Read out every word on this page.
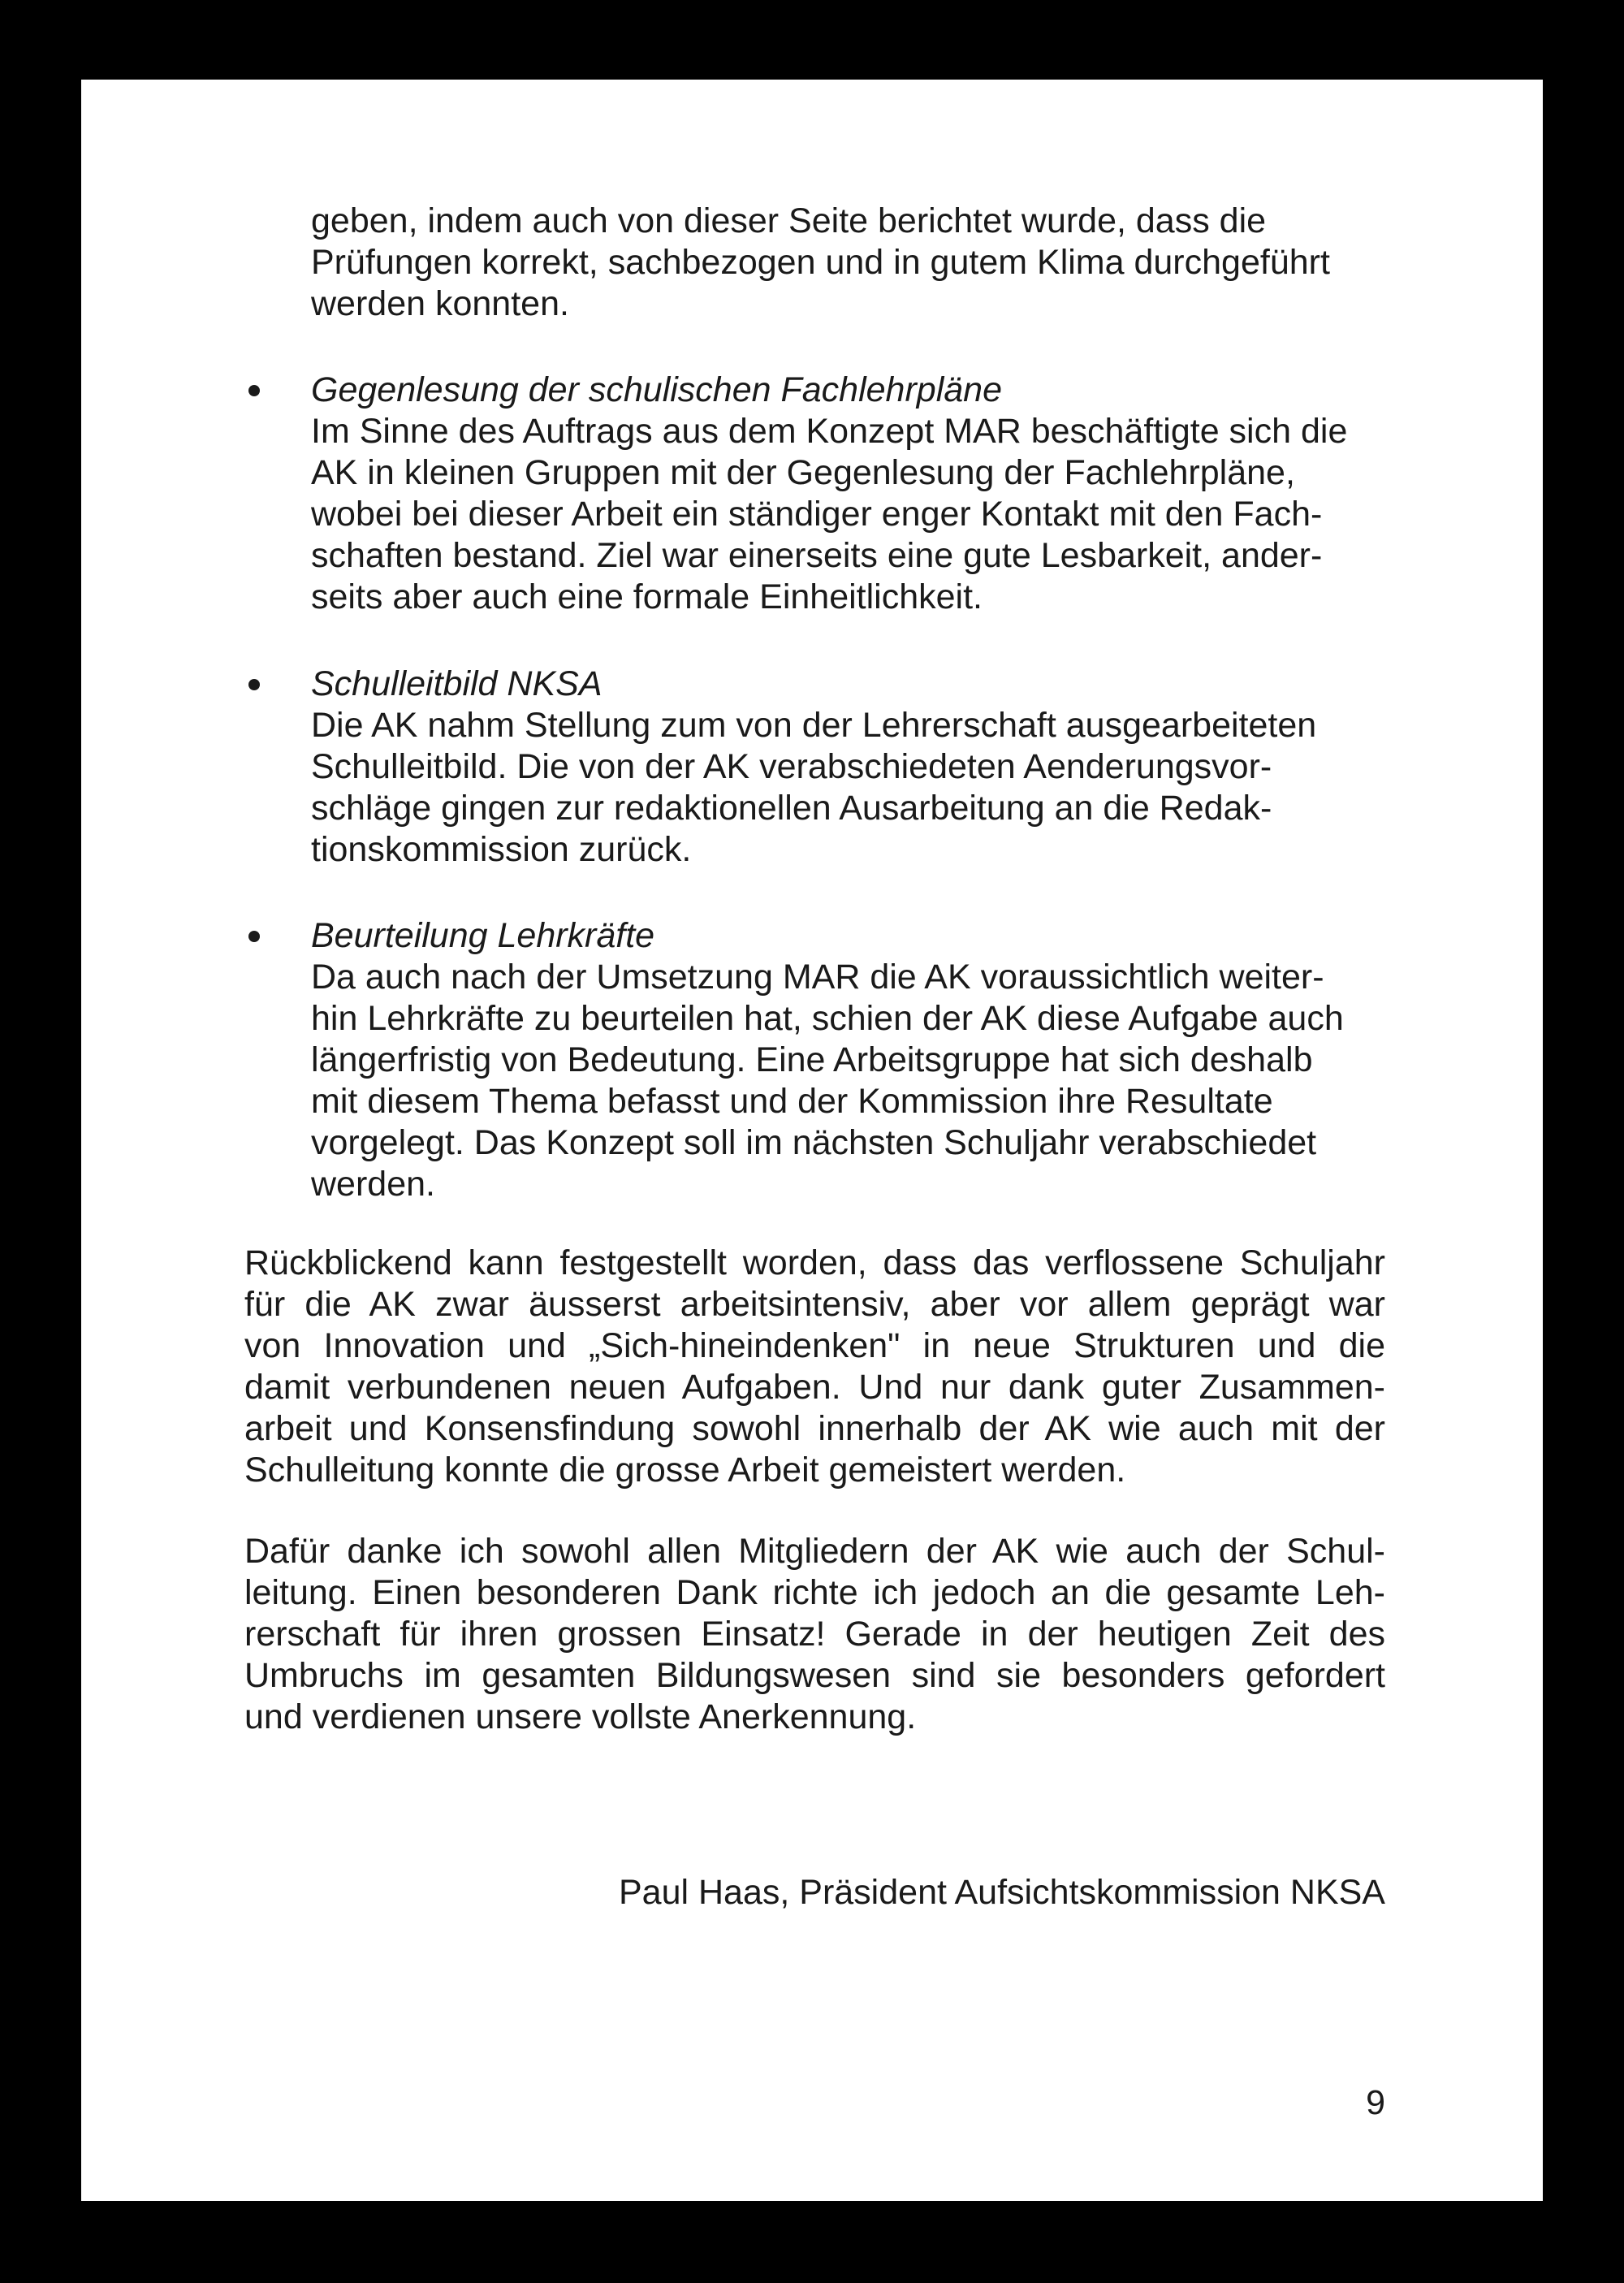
geben, indem auch von dieser Seite berichtet wurde, dass die
Prüfungen korrekt, sachbezogen und in gutem Klima durchgeführt
werden konnten.
Gegenlesung der schulischen Fachlehrpläne
Im Sinne des Auftrags aus dem Konzept MAR beschäftigte sich die
AK in kleinen Gruppen mit der Gegenlesung der Fachlehrpläne,
wobei bei dieser Arbeit ein ständiger enger Kontakt mit den Fach-
schaften bestand. Ziel war einerseits eine gute Lesbarkeit, ander-
seits aber auch eine formale Einheitlichkeit.
Schulleitbild NKSA
Die AK nahm Stellung zum von der Lehrerschaft ausgearbeiteten
Schulleitbild. Die von der AK verabschiedeten Aenderungsvor-
schläge gingen zur redaktionellen Ausarbeitung an die Redak-
tionskommission zurück.
Beurteilung Lehrkräfte
Da auch nach der Umsetzung MAR die AK voraussichtlich weiter-
hin Lehrkräfte zu beurteilen hat, schien der AK diese Aufgabe auch
längerfristig von Bedeutung. Eine Arbeitsgruppe hat sich deshalb
mit diesem Thema befasst und der Kommission ihre Resultate
vorgelegt. Das Konzept soll im nächsten Schuljahr verabschiedet
werden.
Rückblickend kann festgestellt worden, dass das verflossene Schuljahr
für die AK zwar äusserst arbeitsintensiv, aber vor allem geprägt war
von Innovation und „Sich-hineindenken" in neue Strukturen und die
damit verbundenen neuen Aufgaben. Und nur dank guter Zusammen-
arbeit und Konsensfindung sowohl innerhalb der AK wie auch mit der
Schulleitung konnte die grosse Arbeit gemeistert werden.
Dafür danke ich sowohl allen Mitgliedern der AK wie auch der Schul-
leitung. Einen besonderen Dank richte ich jedoch an die gesamte Leh-
rerschaft für ihren grossen Einsatz! Gerade in der heutigen Zeit des
Umbruchs im gesamten Bildungswesen sind sie besonders gefordert
und verdienen unsere vollste Anerkennung.
Paul Haas, Präsident Aufsichtskommission NKSA
9
